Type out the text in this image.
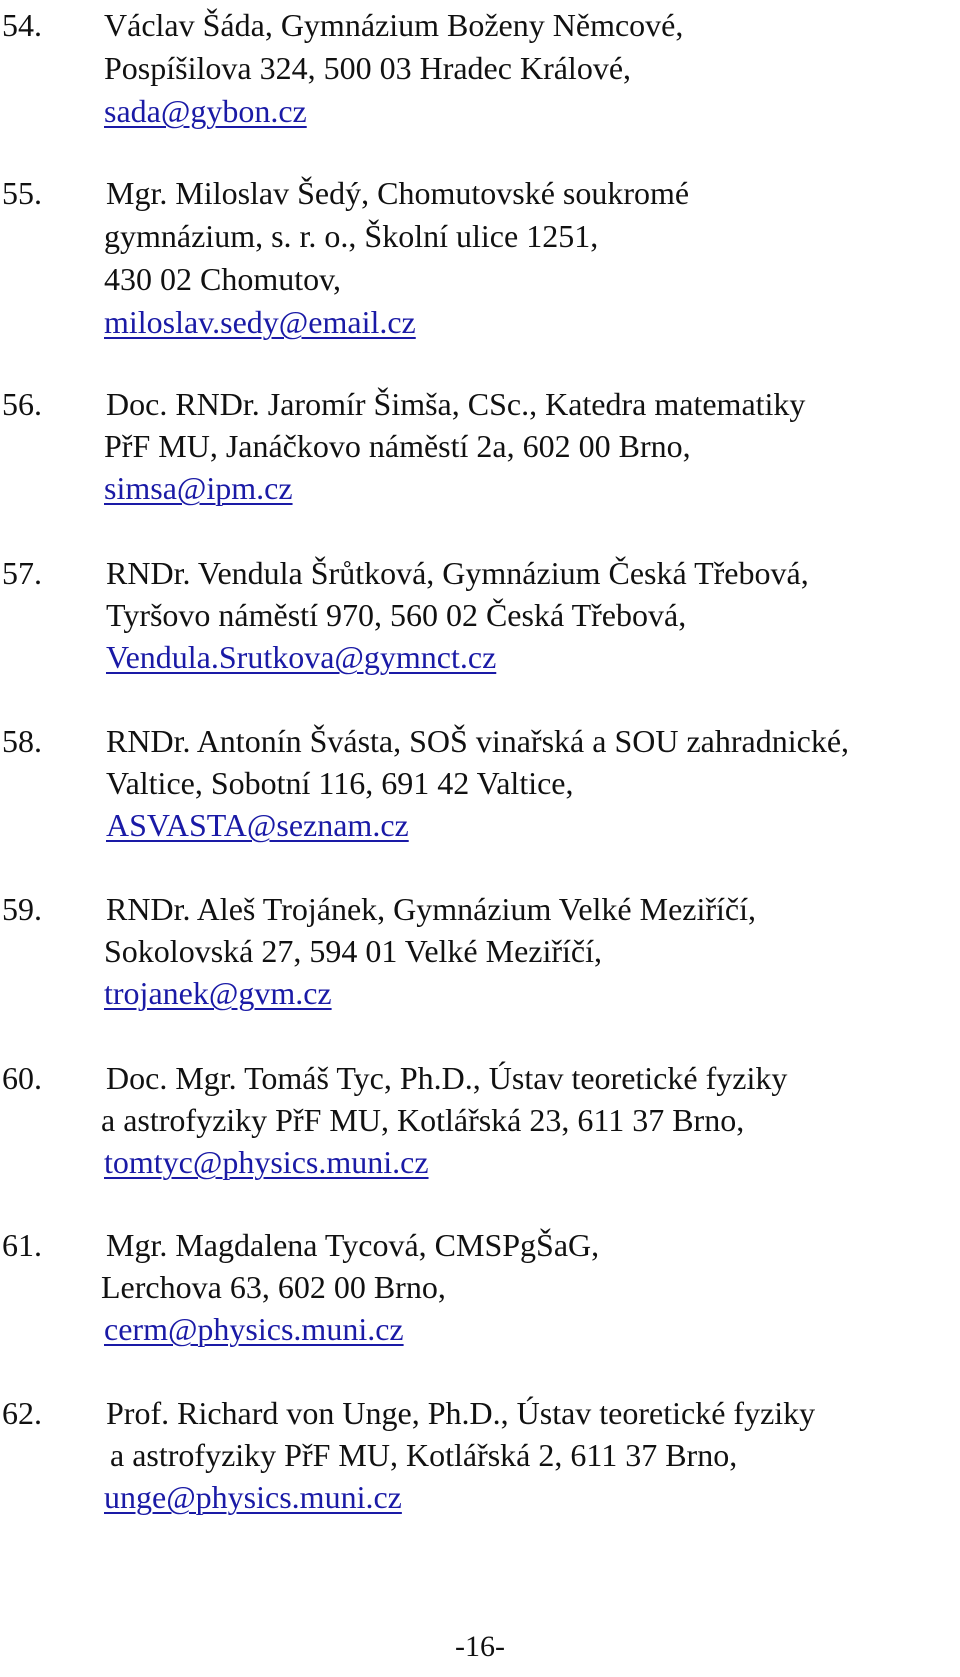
54. Václav Šáda, Gymnázium Boženy Němcové,
Pospíšilova 324, 500 03 Hradec Králové,
sada@gybon.cz
55. Mgr. Miloslav Šedý, Chomutovské soukromé
gymnázium, s. r. o., Školní ulice 1251,
430 02 Chomutov,
miloslav.sedy@email.cz
56. Doc. RNDr. Jaromír Šimša, CSc., Katedra matematiky
PřF MU, Janáčkovo náměstí 2a, 602 00 Brno,
simsa@ipm.cz
57. RNDr. Vendula Šrůtková, Gymnázium Česká Třebová,
Tyršovo náměstí 970, 560 02 Česká Třebová,
Vendula.Srutkova@gymnct.cz
58. RNDr. Antonín Švásta, SOŠ vinařská a SOU zahradnické,
Valtice, Sobotní 116, 691 42 Valtice,
ASVASTA@seznam.cz
59. RNDr. Aleš Trojánek, Gymnázium Velké Meziříčí,
Sokolovská 27, 594 01 Velké Meziříčí,
trojanek@gvm.cz
60. Doc. Mgr. Tomáš Tyc, Ph.D., Ústav teoretické fyziky
a astrofyziky PřF MU, Kotlářská 23, 611 37 Brno,
tomtyc@physics.muni.cz
61. Mgr. Magdalena Tycová, CMSPgŠaG,
Lerchova 63, 602 00 Brno,
cerm@physics.muni.cz
62. Prof. Richard von Unge, Ph.D., Ústav teoretické fyziky
a astrofyziky PřF MU, Kotlářská 2, 611 37 Brno,
unge@physics.muni.cz
-16-
